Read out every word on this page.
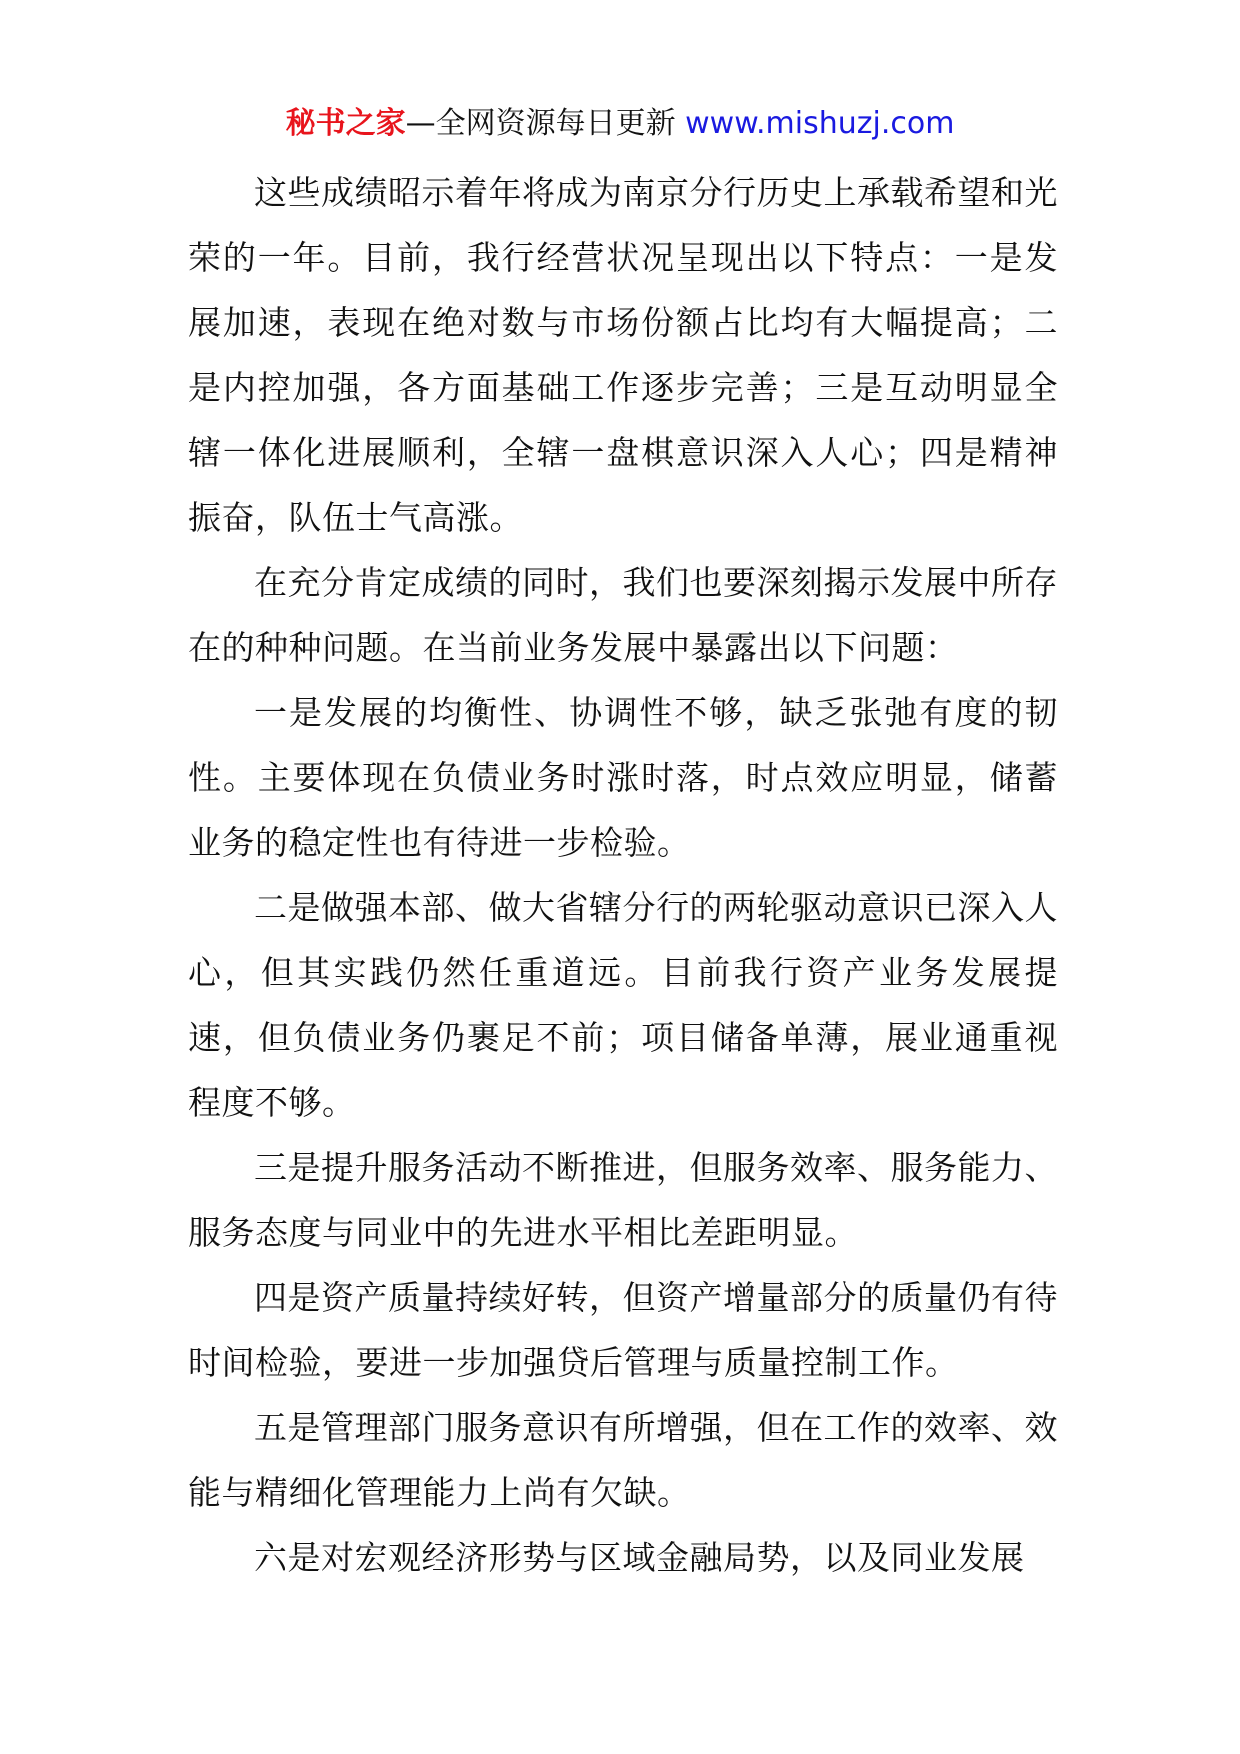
秘书之家—全网资源每日更新 www.mishuzj.com

这些成绩昭示着年将成为南京分行历史上承载希望和光荣的一年。目前，我行经营状况呈现出以下特点：一是发展加速，表现在绝对数与市场份额占比均有大幅提高；二是内控加强，各方面基础工作逐步完善；三是互动明显全辖一体化进展顺利，全辖一盘棋意识深入人心；四是精神振奋，队伍士气高涨。

在充分肯定成绩的同时，我们也要深刻揭示发展中所存在的种种问题。在当前业务发展中暴露出以下问题：

一是发展的均衡性、协调性不够，缺乏张弛有度的韧性。主要体现在负债业务时涨时落，时点效应明显，储蓄业务的稳定性也有待进一步检验。

二是做强本部、做大省辖分行的两轮驱动意识已深入人心，但其实践仍然任重道远。目前我行资产业务发展提速，但负债业务仍裹足不前；项目储备单薄，展业通重视程度不够。

三是提升服务活动不断推进，但服务效率、服务能力、服务态度与同业中的先进水平相比差距明显。

四是资产质量持续好转，但资产增量部分的质量仍有待时间检验，要进一步加强贷后管理与质量控制工作。

五是管理部门服务意识有所增强，但在工作的效率、效能与精细化管理能力上尚有欠缺。

六是对宏观经济形势与区域金融局势，以及同业发展
